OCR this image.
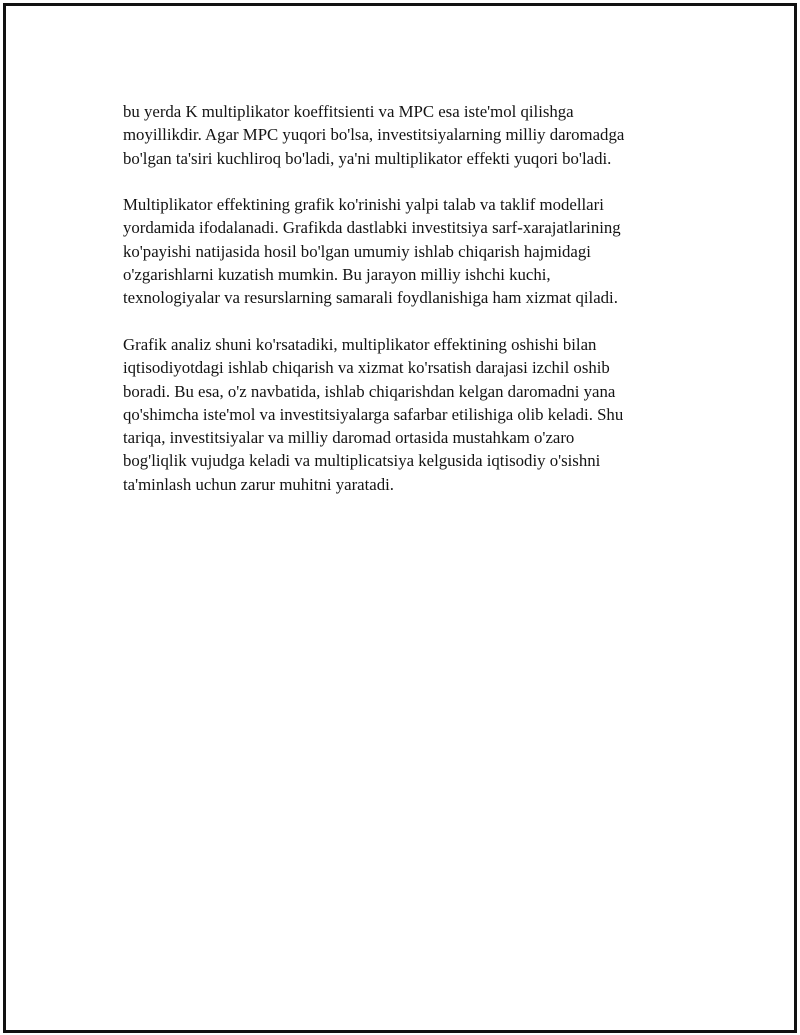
bu yerda K multiplikator koeffitsienti va MPC esa iste'mol qilishga
moyillikdir. Agar MPC yuqori bo'lsa, investitsiyalarning milliy daromadga
bo'lgan ta'siri kuchliroq bo'ladi, ya'ni multiplikator effekti yuqori bo'ladi.

Multiplikator effektining grafik ko'rinishi yalpi talab va taklif modellari
yordamida ifodalanadi. Grafikda dastlabki investitsiya sarf-xarajatlarining
ko'payishi natijasida hosil bo'lgan umumiy ishlab chiqarish hajmidagi
o'zgarishlarni kuzatish mumkin. Bu jarayon milliy ishchi kuchi,
texnologiyalar va resurslarning samarali foydlanishiga ham xizmat qiladi.

Grafik analiz shuni ko'rsatadiki, multiplikator effektining oshishi bilan
iqtisodiyotdagi ishlab chiqarish va xizmat ko'rsatish darajasi izchil oshib
boradi. Bu esa, o'z navbatida, ishlab chiqarishdan kelgan daromadni yana
qo'shimcha iste'mol va investitsiyalarga safarbar etilishiga olib keladi. Shu
tariqa, investitsiyalar va milliy daromad ortasida mustahkam o'zaro
bog'liqlik vujudga keladi va multiplicatsiya kelgusida iqtisodiy o'sishni
ta'minlash uchun zarur muhitni yaratadi.
